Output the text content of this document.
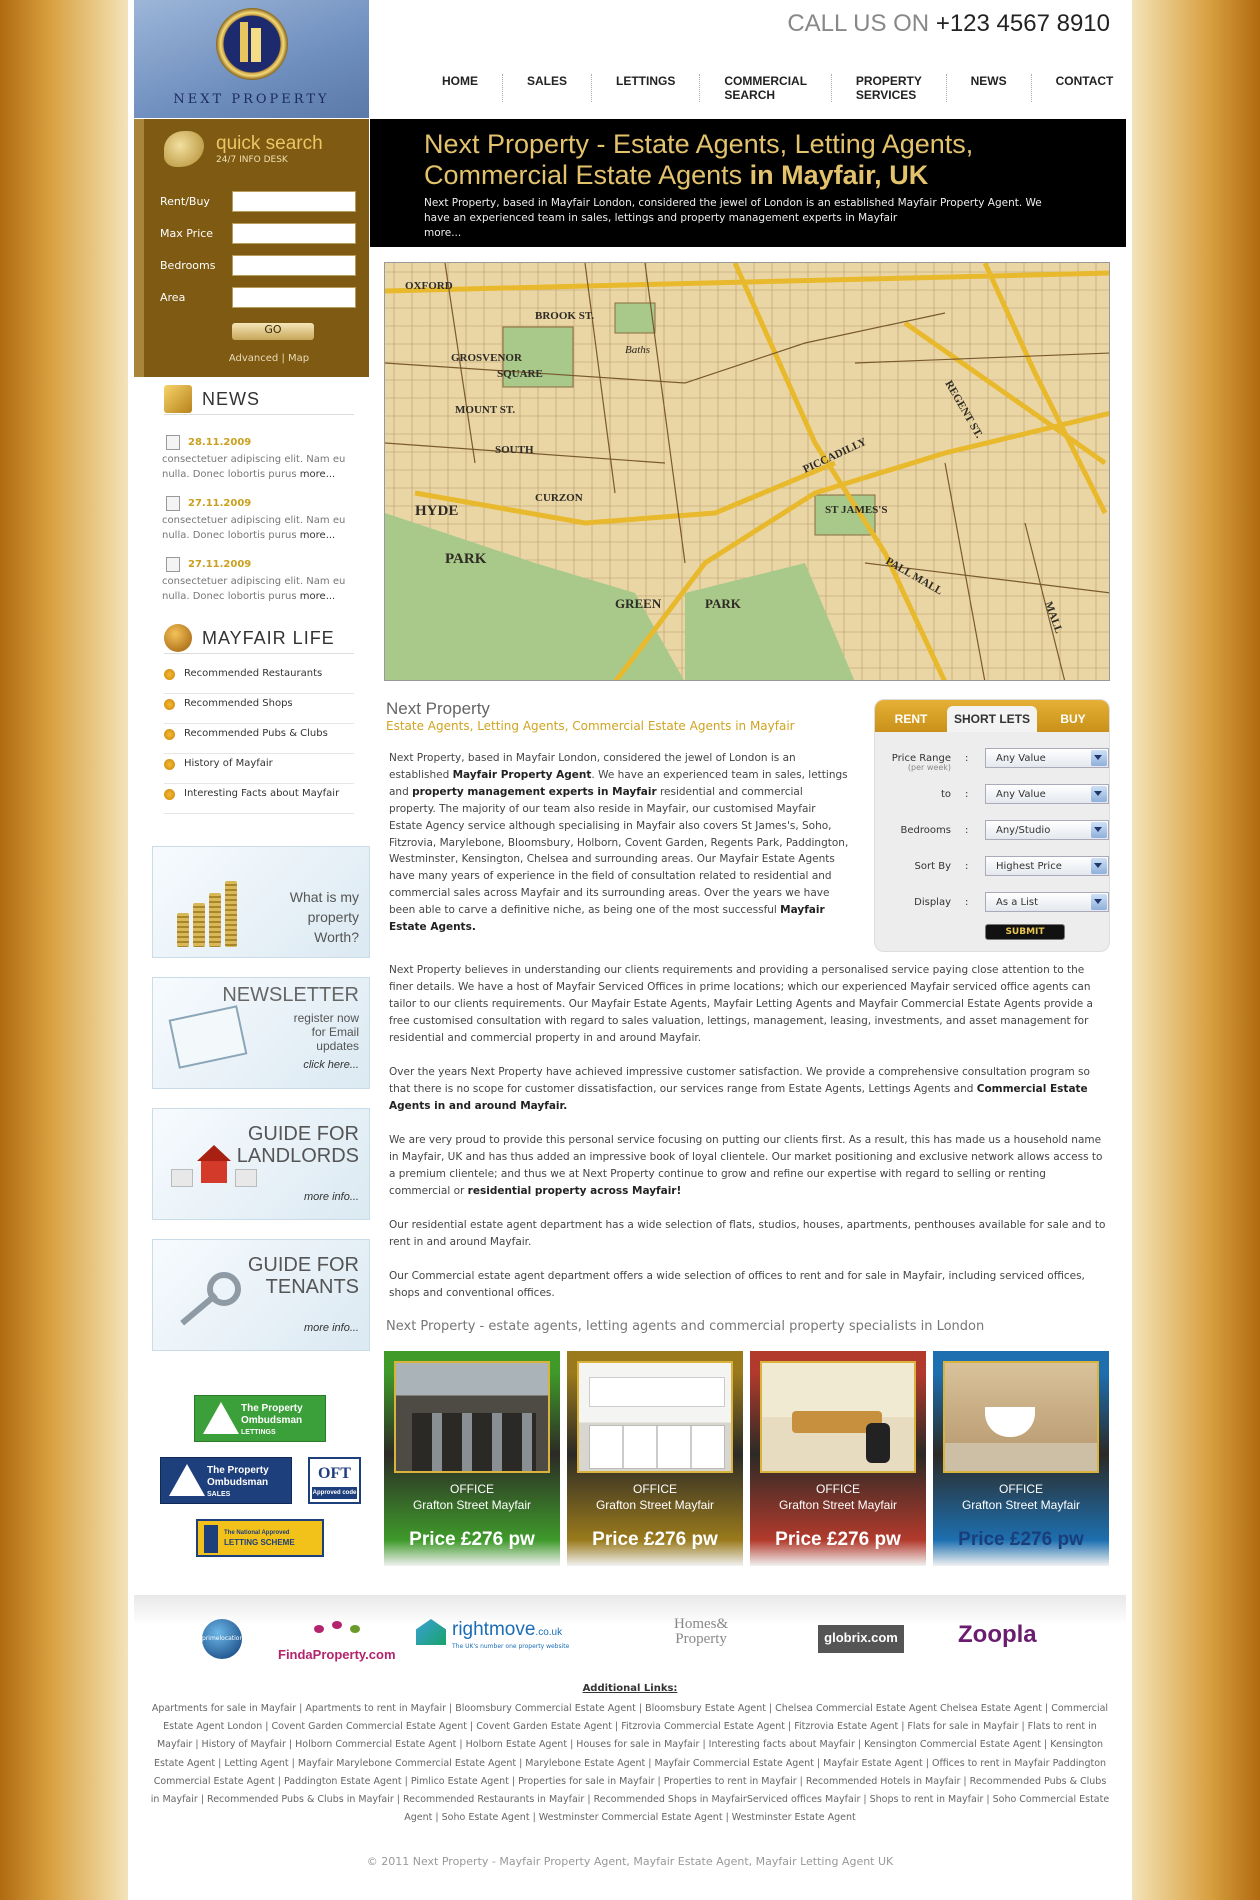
NEXT PROPERTY
CALL US ON +123 4567 8910
HOME	SALES	LETTINGS	COMMERCIAL SEARCH
PROPERTY SERVICES
NEWS	CONTACT
quick search
24/7 INFO DESK
Rent/Buy
Max Price
Bedrooms
Area
GO
Advanced | Map
NEWS
28.11.2009
consectetuer adipiscing elit. Nam eu nulla. Donec lobortis purus more...
27.11.2009
consectetuer adipiscing elit. Nam eu nulla. Donec lobortis purus more...
27.11.2009
consectetuer adipiscing elit. Nam eu nulla. Donec lobortis purus more...
MAYFAIR LIFE
Recommended Restaurants
Recommended Shops
Recommended Pubs & Clubs
History of Mayfair
Interesting Facts about Mayfair
What is my
property
Worth?
NEWSLETTER
register now
for Email
updates
click here...
GUIDE FOR
LANDLORDS
more info...
GUIDE FOR
TENANTS
more info...
The Property
Ombudsman
LETTINGS
The Property
Ombudsman
SALES
OFT
Approved code
The National Approved
LETTING SCHEME
Next Property - Estate Agents, Letting Agents,
Commercial Estate Agents in Mayfair, UK
Next Property, based in Mayfair London, considered the jewel of London is an established Mayfair Property Agent. We have an experienced team in sales, lettings and property management experts in Mayfair
more...
BROOK ST.
GROSVENOR
SQUARE
HYDE
PARK
GREEN	PARK
CURZON
MOUNT ST.
PICCADILLY
PALL MALL
REGENT ST.
MALL
ST JAMES'S
OXFORD
Baths
SOUTH
Next Property
Estate Agents, Letting Agents, Commercial Estate Agents in Mayfair
Next Property, based in Mayfair London, considered the jewel of London is an established Mayfair Property Agent. We have an experienced team in sales, lettings and property management experts in Mayfair residential and commercial property. The majority of our team also reside in Mayfair, our customised Mayfair Estate Agency service although specialising in Mayfair also covers St James's, Soho, Fitzrovia, Marylebone, Bloomsbury, Holborn, Covent Garden, Regents Park, Paddington, Westminster, Kensington, Chelsea and surrounding areas. Our Mayfair Estate Agents have many years of experience in the field of consultation related to residential and commercial sales across Mayfair and its surrounding areas. Over the years we have been able to carve a definitive niche, as being one of the most successful Mayfair Estate Agents.
Next Property believes in understanding our clients requirements and providing a personalised service paying close attention to the finer details. We have a host of Mayfair Serviced Offices in prime locations; which our experienced Mayfair serviced office agents can tailor to our clients requirements. Our Mayfair Estate Agents, Mayfair Letting Agents and Mayfair Commercial Estate Agents provide a free customised consultation with regard to sales valuation, lettings, management, leasing, investments, and asset management for residential and commercial property in and around Mayfair.
Over the years Next Property have achieved impressive customer satisfaction. We provide a comprehensive consultation program so that there is no scope for customer dissatisfaction, our services range from Estate Agents, Lettings Agents and Commercial Estate Agents in and around Mayfair.
We are very proud to provide this personal service focusing on putting our clients first. As a result, this has made us a household name in Mayfair, UK and has thus added an impressive book of loyal clientele. Our market positioning and exclusive network allows access to a premium clientele; and thus we at Next Property continue to grow and refine our expertise with regard to selling or renting commercial or residential property across Mayfair!
Our residential estate agent department has a wide selection of flats, studios, houses, apartments, penthouses available for sale and to rent in and around Mayfair.
Our Commercial estate agent department offers a wide selection of offices to rent and for sale in Mayfair, including serviced offices, shops and conventional offices.
Next Property - estate agents, letting agents and commercial property specialists in London
RENT	SHORT LETS	BUY
Price Range
(per week)
:	Any Value
to :	Any Value
Bedrooms :	Any/Studio
Sort By :	Highest Price
Display :	As a List
SUBMIT
OFFICE
Grafton Street Mayfair
Price £276 pw
OFFICE
Grafton Street Mayfair
Price £276 pw
OFFICE
Grafton Street Mayfair
Price £276 pw
OFFICE
Grafton Street Mayfair
Price £276 pw
primelocation.com
FindaProperty.com
rightmove.co.uk
The UK's number one property website
Homes&
Property	globrix.com	Zoopla
Additional Links:
Apartments for sale in Mayfair | Apartments to rent in Mayfair | Bloomsbury Commercial Estate Agent | Bloomsbury Estate Agent | Chelsea Commercial Estate Agent Chelsea Estate Agent | Commercial Estate Agent London | Covent Garden Commercial Estate Agent | Covent Garden Estate Agent | Fitzrovia Commercial Estate Agent | Fitzrovia Estate Agent | Flats for sale in Mayfair | Flats to rent in Mayfair | History of Mayfair | Holborn Commercial Estate Agent | Holborn Estate Agent | Houses for sale in Mayfair | Interesting facts about Mayfair | Kensington Commercial Estate Agent | Kensington Estate Agent | Letting Agent | Mayfair Marylebone Commercial Estate Agent | Marylebone Estate Agent | Mayfair Commercial Estate Agent | Mayfair Estate Agent | Offices to rent in Mayfair Paddington Commercial Estate Agent | Paddington Estate Agent | Pimlico Estate Agent | Properties for sale in Mayfair | Properties to rent in Mayfair | Recommended Hotels in Mayfair | Recommended Pubs & Clubs in Mayfair | Recommended Pubs & Clubs in Mayfair | Recommended Restaurants in Mayfair | Recommended Shops in MayfairServiced offices Mayfair | Shops to rent in Mayfair | Soho Commercial Estate Agent | Soho Estate Agent | Westminster Commercial Estate Agent | Westminster Estate Agent
© 2011 Next Property - Mayfair Property Agent, Mayfair Estate Agent, Mayfair Letting Agent UK
